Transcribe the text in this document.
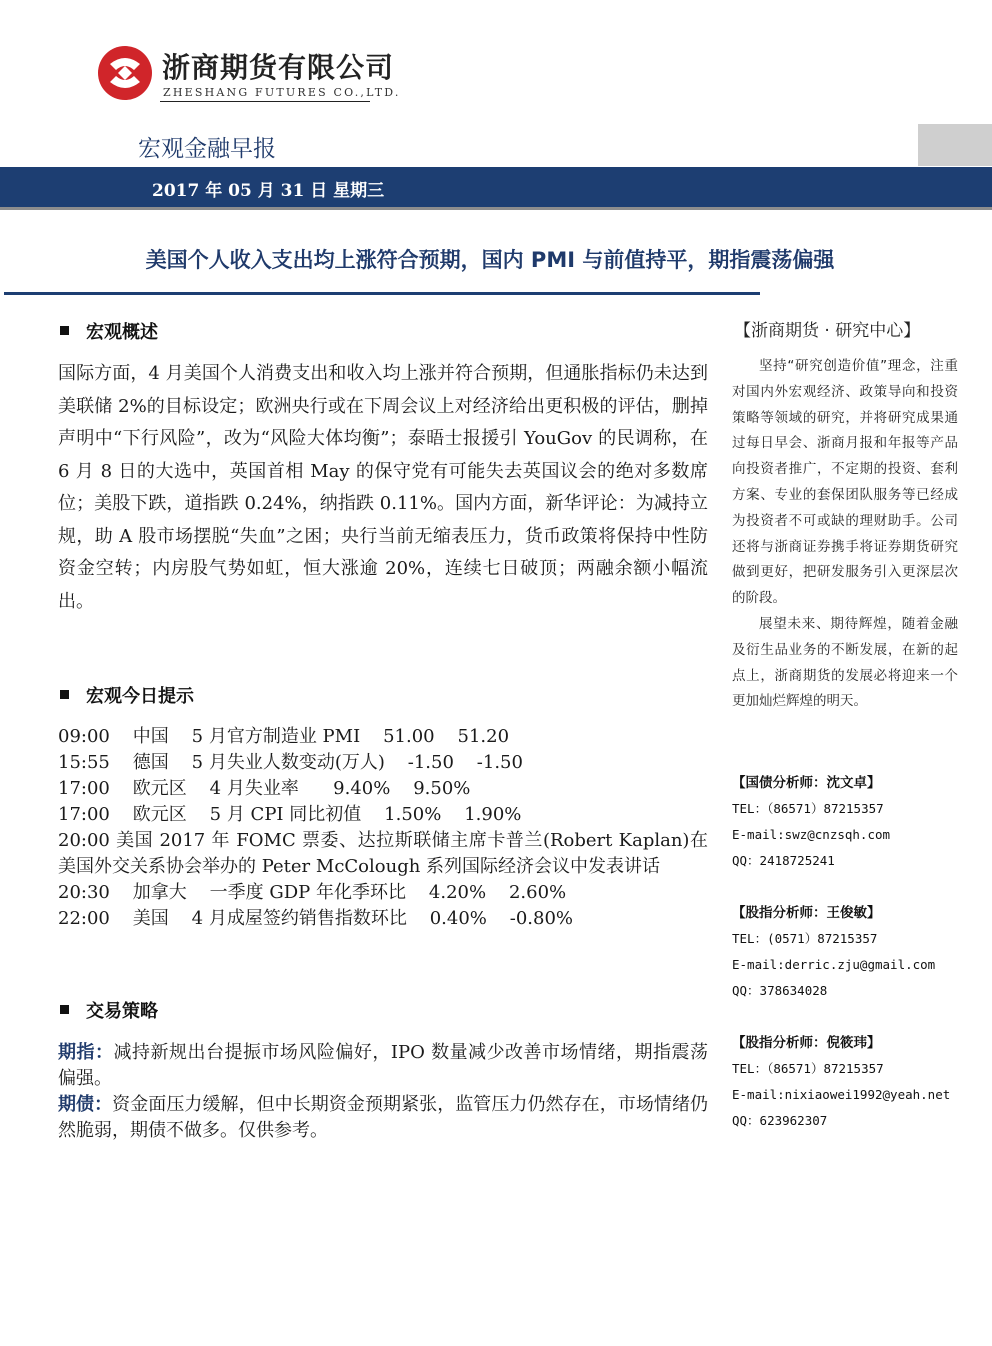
浙商期货有限公司
ZHESHANG FUTURES CO.,LTD.
宏观金融早报
2017 年 05 月 31 日 星期三
美国个人收入支出均上涨符合预期，国内 PMI 与前值持平，期指震荡偏强
宏观概述
国际方面，4 月美国个人消费支出和收入均上涨并符合预期，但通胀指标仍未达到美联储 2%的目标设定；欧洲央行或在下周会议上对经济给出更积极的评估，删掉声明中“下行风险”，改为“风险大体均衡”；泰晤士报援引 YouGov 的民调称，在 6 月 8 日的大选中，英国首相 May 的保守党有可能失去英国议会的绝对多数席位；美股下跌，道指跌 0.24%，纳指跌 0.11%。国内方面，新华评论：为减持立规，助 A 股市场摆脱“失血”之困；央行当前无缩表压力，货币政策将保持中性防资金空转；内房股气势如虹，恒大涨逾 20%，连续七日破顶；两融余额小幅流出。
宏观今日提示
09:00    中国    5 月官方制造业 PMI    51.00    51.20
15:55    德国    5 月失业人数变动(万人)    -1.50    -1.50
17:00    欧元区    4 月失业率      9.40%    9.50%
17:00    欧元区    5 月 CPI 同比初值    1.50%    1.90%
20:00 美国 2017 年 FOMC 票委、达拉斯联储主席卡普兰(Robert Kaplan)在美国外交关系协会举办的 Peter McColough 系列国际经济会议中发表讲话
20:30    加拿大    一季度 GDP 年化季环比    4.20%    2.60%
22:00    美国    4 月成屋签约销售指数环比    0.40%    -0.80%
交易策略
期指：减持新规出台提振市场风险偏好，IPO 数量减少改善市场情绪，期指震荡偏强。
期债：资金面压力缓解，但中长期资金预期紧张，监管压力仍然存在，市场情绪仍然脆弱，期债不做多。仅供参考。
【浙商期货 · 研究中心】

坚持“研究创造价值”理念，注重对国内外宏观经济、政策导向和投资策略等领域的研究，并将研究成果通过每日早会、浙商月报和年报等产品向投资者推广，不定期的投资、套利方案、专业的套保团队服务等已经成为投资者不可或缺的理财助手。公司还将与浙商证券携手将证券期货研究做到更好，把研发服务引入更深层次的阶段。

展望未来、期待辉煌，随着金融及衍生品业务的不断发展，在新的起点上，浙商期货的发展必将迎来一个更加灿烂辉煌的明天。

【国债分析师：沈文卓】
TEL：（86571）87215357
E-mail:swz@cnzsqh.com
QQ：2418725241
【股指分析师：王俊敏】
TEL：(0571）87215357
E-mail:derric.zju@gmail.com
QQ：378634028
【股指分析师：倪筱玮】
TEL：（86571）87215357
E-mail:nixiaowei1992@yeah.net
QQ：623962307
